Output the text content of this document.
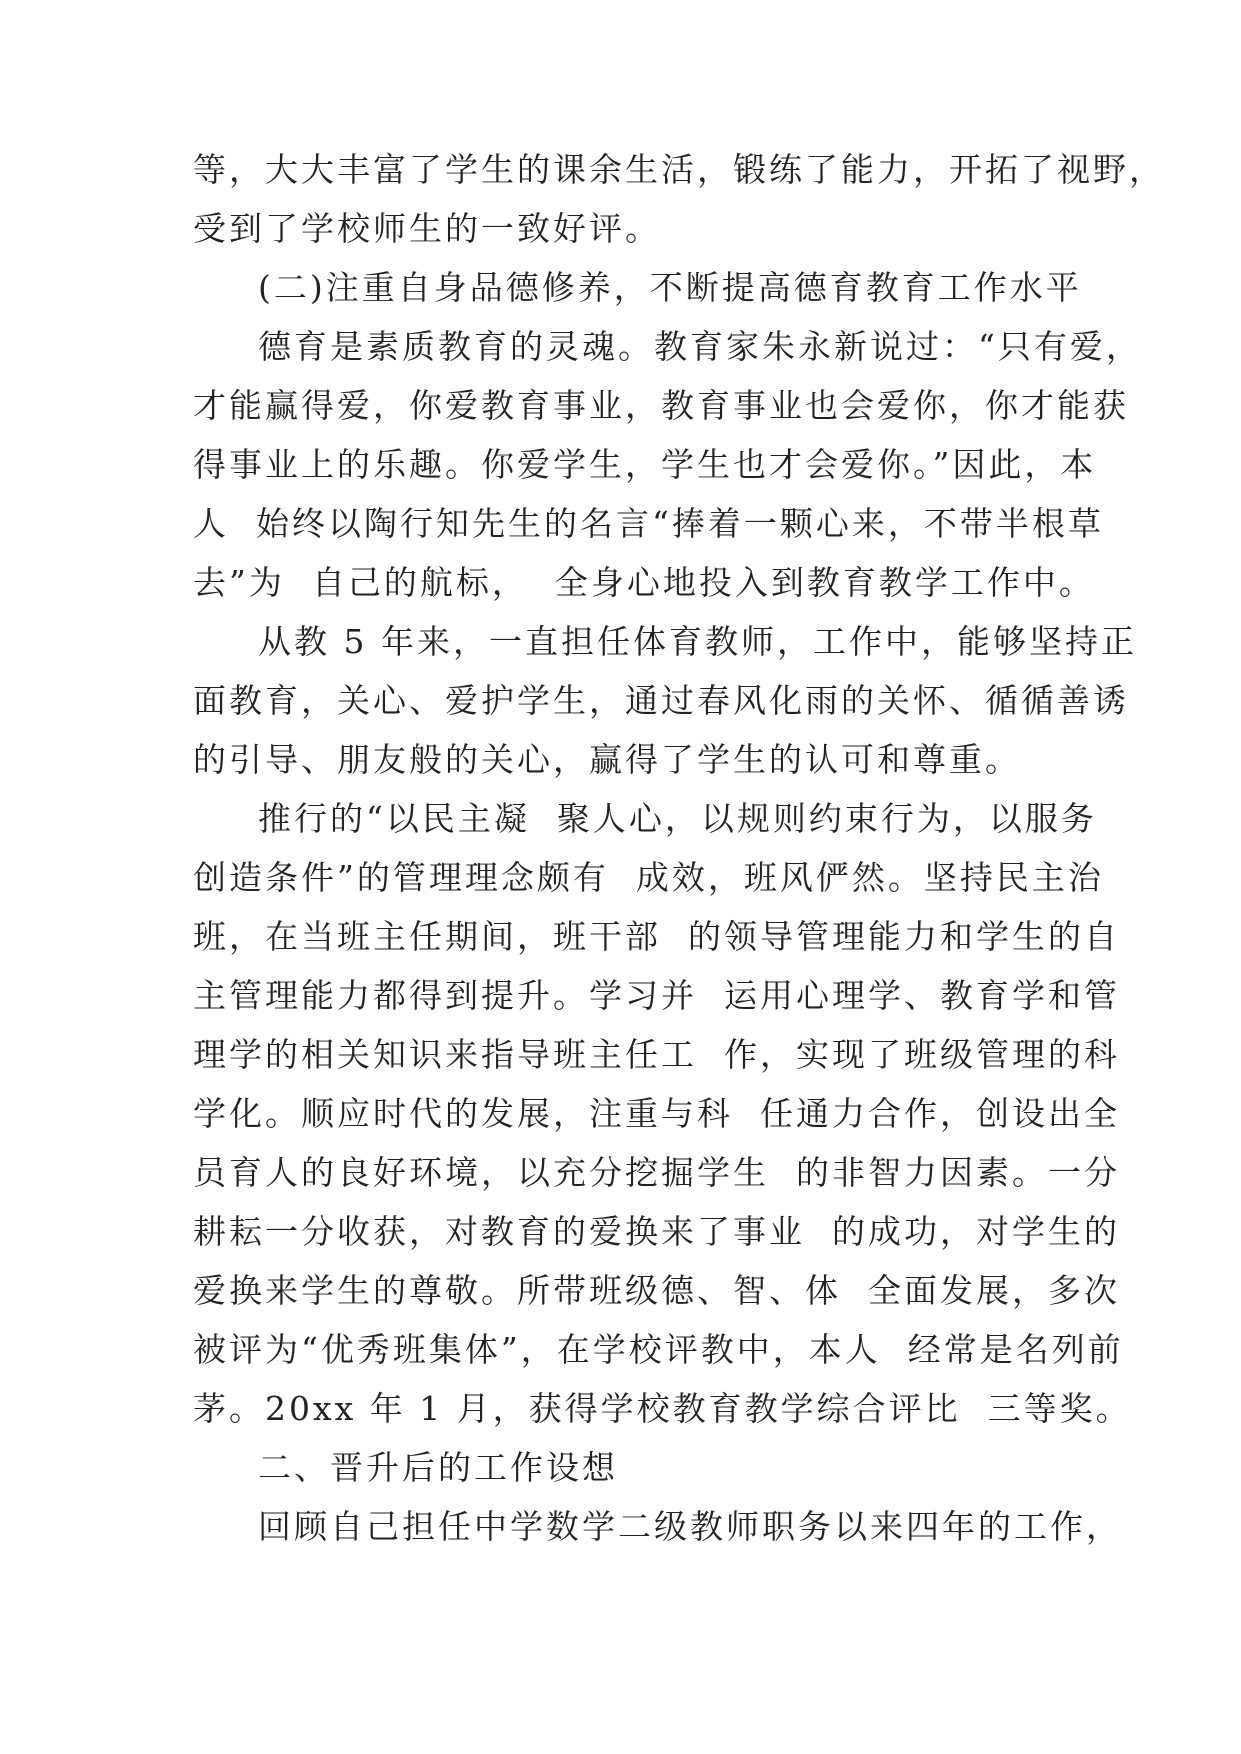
等，大大丰富了学生的课余生活，锻练了能力，开拓了视野，
受到了学校师生的一致好评。
(二)注重自身品德修养，不断提高德育教育工作水平
德育是素质教育的灵魂。教育家朱永新说过：“只有爱，
才能赢得爱，你爱教育事业，教育事业也会爱你，你才能获
得事业上的乐趣。你爱学生，学生也才会爱你。”因此，本
人  始终以陶行知先生的名言“捧着一颗心来，不带半根草
去”为  自己的航标，  全身心地投入到教育教学工作中。
从教 5 年来，一直担任体育教师，工作中，能够坚持正
面教育，关心、爱护学生，通过春风化雨的关怀、循循善诱
的引导、朋友般的关心，赢得了学生的认可和尊重。
推行的“以民主凝  聚人心，以规则约束行为，以服务
创造条件”的管理理念颇有  成效，班风俨然。坚持民主治
班，在当班主任期间，班干部  的领导管理能力和学生的自
主管理能力都得到提升。学习并  运用心理学、教育学和管
理学的相关知识来指导班主任工  作，实现了班级管理的科
学化。顺应时代的发展，注重与科  任通力合作，创设出全
员育人的良好环境，以充分挖掘学生  的非智力因素。一分
耕耘一分收获，对教育的爱换来了事业  的成功，对学生的
爱换来学生的尊敬。所带班级德、智、体  全面发展，多次
被评为“优秀班集体”，在学校评教中，本人  经常是名列前
茅。20xx 年 1 月，获得学校教育教学综合评比  三等奖。
二、晋升后的工作设想
回顾自己担任中学数学二级教师职务以来四年的工作，
